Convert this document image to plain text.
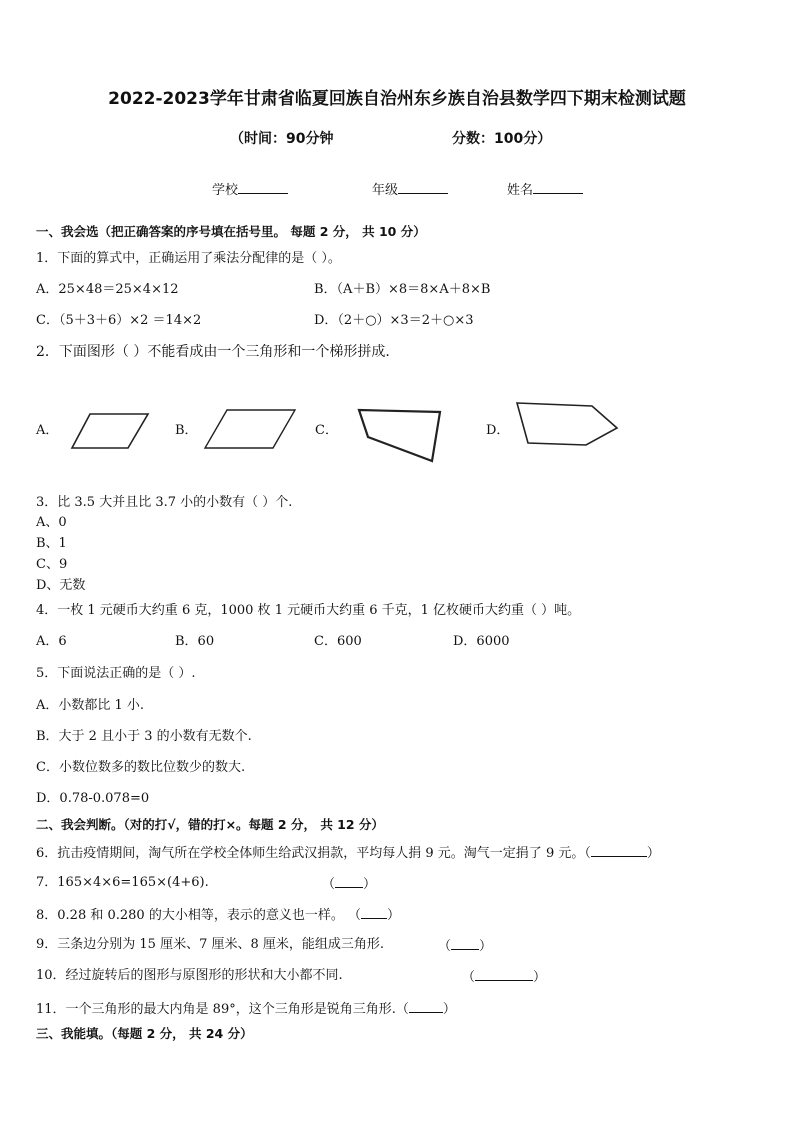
2022-2023学年甘肃省临夏回族自治州东乡族自治县数学四下期末检测试题
（时间：90分钟	分数：100分）
学校	年级	姓名
一、我会选（把正确答案的序号填在括号里。 每题 2 分， 共 10 分）
1．下面的算式中，正确运用了乘法分配律的是（ ）。
A．25×48＝25×4×12	B．（A＋B）×8＝8×A＋8×B
C．（5＋3＋6）×2 ＝14×2	D．（2＋○）×3＝2＋○×3
2．下面图形（ ）不能看成由一个三角形和一个梯形拼成.
A．	B．	C．	D．
3．比 3.5 大并且比 3.7 小的小数有（ ）个.
A、0
B、1
C、9
D、无数
4．一枚 1 元硬币大约重 6 克，1000 枚 1 元硬币大约重 6 千克，1 亿枚硬币大约重（ ）吨。
A．6	B．60	C．600	D．6000
5．下面说法正确的是（ ）.
A．小数都比 1 小.
B．大于 2 且小于 3 的小数有无数个.
C．小数位数多的数比位数少的数大.
D．0.78-0.078=0
二、我会判断。（对的打√，错的打×。每题 2 分， 共 12 分）
6．抗击疫情期间，淘气所在学校全体师生给武汉捐款，平均每人捐 9 元。淘气一定捐了 9 元。（	）
7．165×4×6=165×(4+6).	（ ）
8．0.28 和 0.280 的大小相等，表示的意义也一样。 （ ）
9．三条边分别为 15 厘米、7 厘米、8 厘米，能组成三角形.	（ ）
10．经过旋转后的图形与原图形的形状和大小都不同.	（	）
11．一个三角形的最大内角是 89°，这个三角形是锐角三角形.（	）
三、我能填。（每题 2 分， 共 24 分）
